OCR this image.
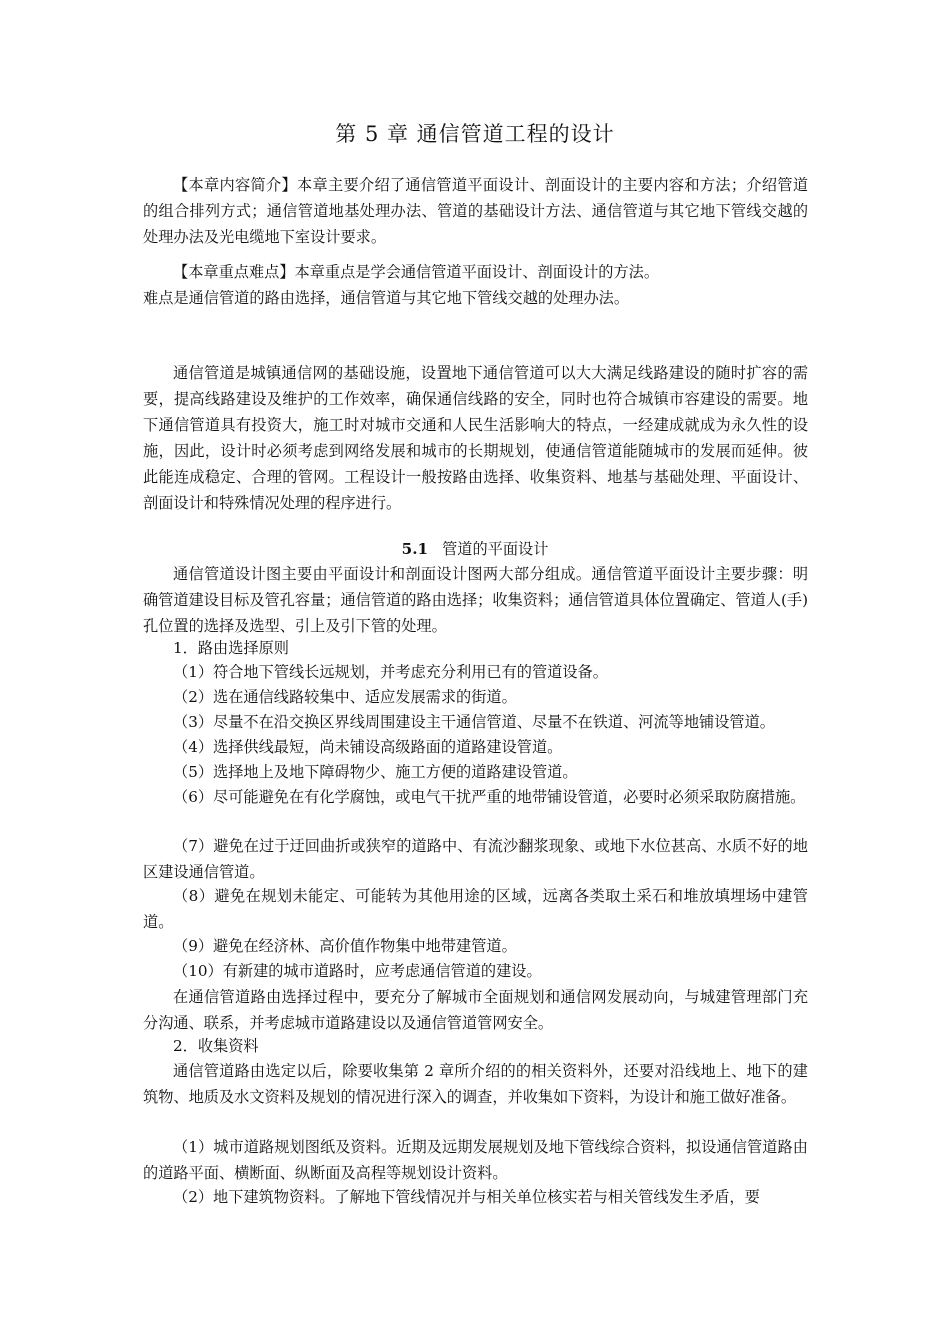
第 5 章 通信管道工程的设计
【本章内容简介】本章主要介绍了通信管道平面设计、剖面设计的主要内容和方法；介绍管道的组合排列方式；通信管道地基处理办法、管道的基础设计方法、通信管道与其它地下管线交越的处理办法及光电缆地下室设计要求。
【本章重点难点】本章重点是学会通信管道平面设计、剖面设计的方法。
难点是通信管道的路由选择，通信管道与其它地下管线交越的处理办法。
通信管道是城镇通信网的基础设施，设置地下通信管道可以大大满足线路建设的随时扩容的需要，提高线路建设及维护的工作效率，确保通信线路的安全，同时也符合城镇市容建设的需要。地下通信管道具有投资大，施工时对城市交通和人民生活影响大的特点，一经建成就成为永久性的设施，因此，设计时必须考虑到网络发展和城市的长期规划，使通信管道能随城市的发展而延伸。彼此能连成稳定、合理的管网。工程设计一般按路由选择、收集资料、地基与基础处理、平面设计、剖面设计和特殊情况处理的程序进行。
5.1 管道的平面设计
通信管道设计图主要由平面设计和剖面设计图两大部分组成。通信管道平面设计主要步骤：明确管道建设目标及管孔容量；通信管道的路由选择；收集资料；通信管道具体位置确定、管道人(手)孔位置的选择及选型、引上及引下管的处理。
1．路由选择原则
（1）符合地下管线长远规划，并考虑充分利用已有的管道设备。
（2）选在通信线路较集中、适应发展需求的街道。
（3）尽量不在沿交换区界线周围建设主干通信管道、尽量不在铁道、河流等地铺设管道。
（4）选择供线最短，尚未铺设高级路面的道路建设管道。
（5）选择地上及地下障碍物少、施工方便的道路建设管道。
（6）尽可能避免在有化学腐蚀，或电气干扰严重的地带铺设管道，必要时必须采取防腐措施。
（7）避免在过于迂回曲折或狭窄的道路中、有流沙翻浆现象、或地下水位甚高、水质不好的地区建设通信管道。
（8）避免在规划未能定、可能转为其他用途的区域，远离各类取土采石和堆放填埋场中建管道。
（9）避免在经济林、高价值作物集中地带建管道。
（10）有新建的城市道路时，应考虑通信管道的建设。
在通信管道路由选择过程中，要充分了解城市全面规划和通信网发展动向，与城建管理部门充分沟通、联系，并考虑城市道路建设以及通信管道管网安全。
2．收集资料
通信管道路由选定以后，除要收集第 2 章所介绍的的相关资料外，还要对沿线地上、地下的建筑物、地质及水文资料及规划的情况进行深入的调查，并收集如下资料，为设计和施工做好准备。
（1）城市道路规划图纸及资料。近期及远期发展规划及地下管线综合资料，拟设通信管道路由的道路平面、横断面、纵断面及高程等规划设计资料。
（2）地下建筑物资料。了解地下管线情况并与相关单位核实若与相关管线发生矛盾，要
